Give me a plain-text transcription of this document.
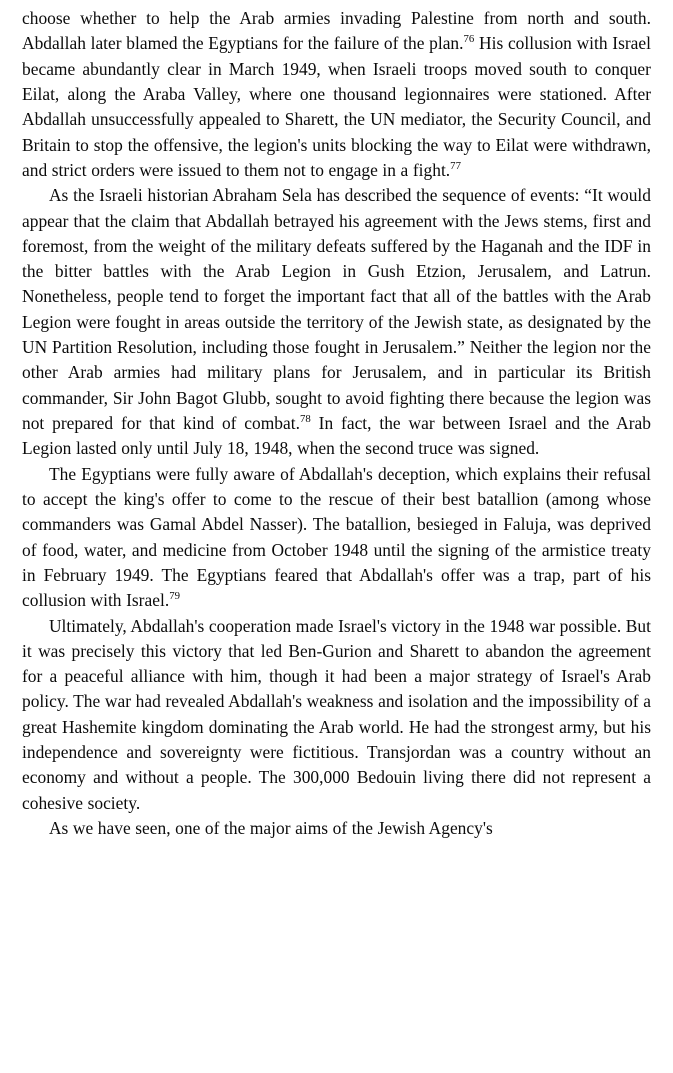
choose whether to help the Arab armies invading Palestine from north and south. Abdallah later blamed the Egyptians for the failure of the plan.$^{76}$ His collusion with Israel became abundantly clear in March 1949, when Israeli troops moved south to conquer Eilat, along the Araba Valley, where one thousand legionnaires were stationed. After Abdallah unsuccessfully appealed to Sharett, the UN mediator, the Security Council, and Britain to stop the offensive, the legion's units blocking the way to Eilat were withdrawn, and strict orders were issued to them not to engage in a fight.$^{77}$

As the Israeli historian Abraham Sela has described the sequence of events: “It would appear that the claim that Abdallah betrayed his agreement with the Jews stems, first and foremost, from the weight of the military defeats suffered by the Haganah and the IDF in the bitter battles with the Arab Legion in Gush Etzion, Jerusalem, and Latrun. Nonetheless, people tend to forget the important fact that all of the battles with the Arab Legion were fought in areas outside the territory of the Jewish state, as designated by the UN Partition Resolution, including those fought in Jerusalem.” Neither the legion nor the other Arab armies had military plans for Jerusalem, and in particular its British commander, Sir John Bagot Glubb, sought to avoid fighting there because the legion was not prepared for that kind of combat.$^{78}$ In fact, the war between Israel and the Arab Legion lasted only until July 18, 1948, when the second truce was signed.

The Egyptians were fully aware of Abdallah's deception, which explains their refusal to accept the king's offer to come to the rescue of their best batallion (among whose commanders was Gamal Abdel Nasser). The batallion, besieged in Faluja, was deprived of food, water, and medicine from October 1948 until the signing of the armistice treaty in February 1949. The Egyptians feared that Abdallah's offer was a trap, part of his collusion with Israel.$^{79}$

Ultimately, Abdallah's cooperation made Israel's victory in the 1948 war possible. But it was precisely this victory that led Ben-Gurion and Sharett to abandon the agreement for a peaceful alliance with him, though it had been a major strategy of Israel's Arab policy. The war had revealed Abdallah's weakness and isolation and the impossibility of a great Hashemite kingdom dominating the Arab world. He had the strongest army, but his independence and sovereignty were fictitious. Transjordan was a country without an economy and without a people. The 300,000 Bedouin living there did not represent a cohesive society.

As we have seen, one of the major aims of the Jewish Agency's
